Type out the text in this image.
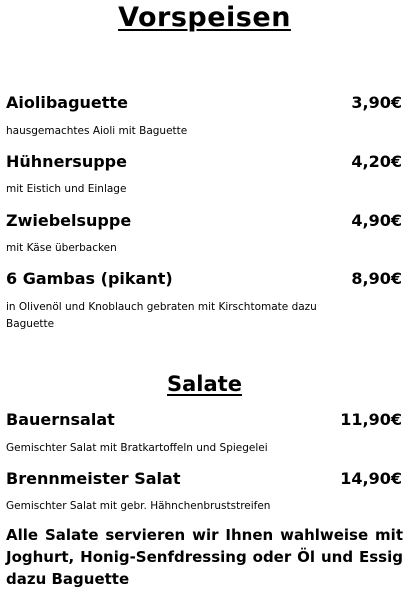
Vorspeisen
Aiolibaguette	3,90€
hausgemachtes Aioli mit Baguette
Hühnersuppe	4,20€
mit Eistich und Einlage
Zwiebelsuppe	4,90€
mit Käse überbacken
6 Gambas (pikant)	8,90€
in Olivenöl und Knoblauch gebraten mit Kirschtomate dazu Baguette
Salate
Bauernsalat	11,90€
Gemischter Salat mit Bratkartoffeln und Spiegelei
Brennmeister Salat	14,90€
Gemischter Salat mit gebr. Hähnchenbruststreifen
Alle Salate servieren wir Ihnen wahlweise mit Joghurt, Honig-Senfdressing oder Öl und Essig dazu Baguette
